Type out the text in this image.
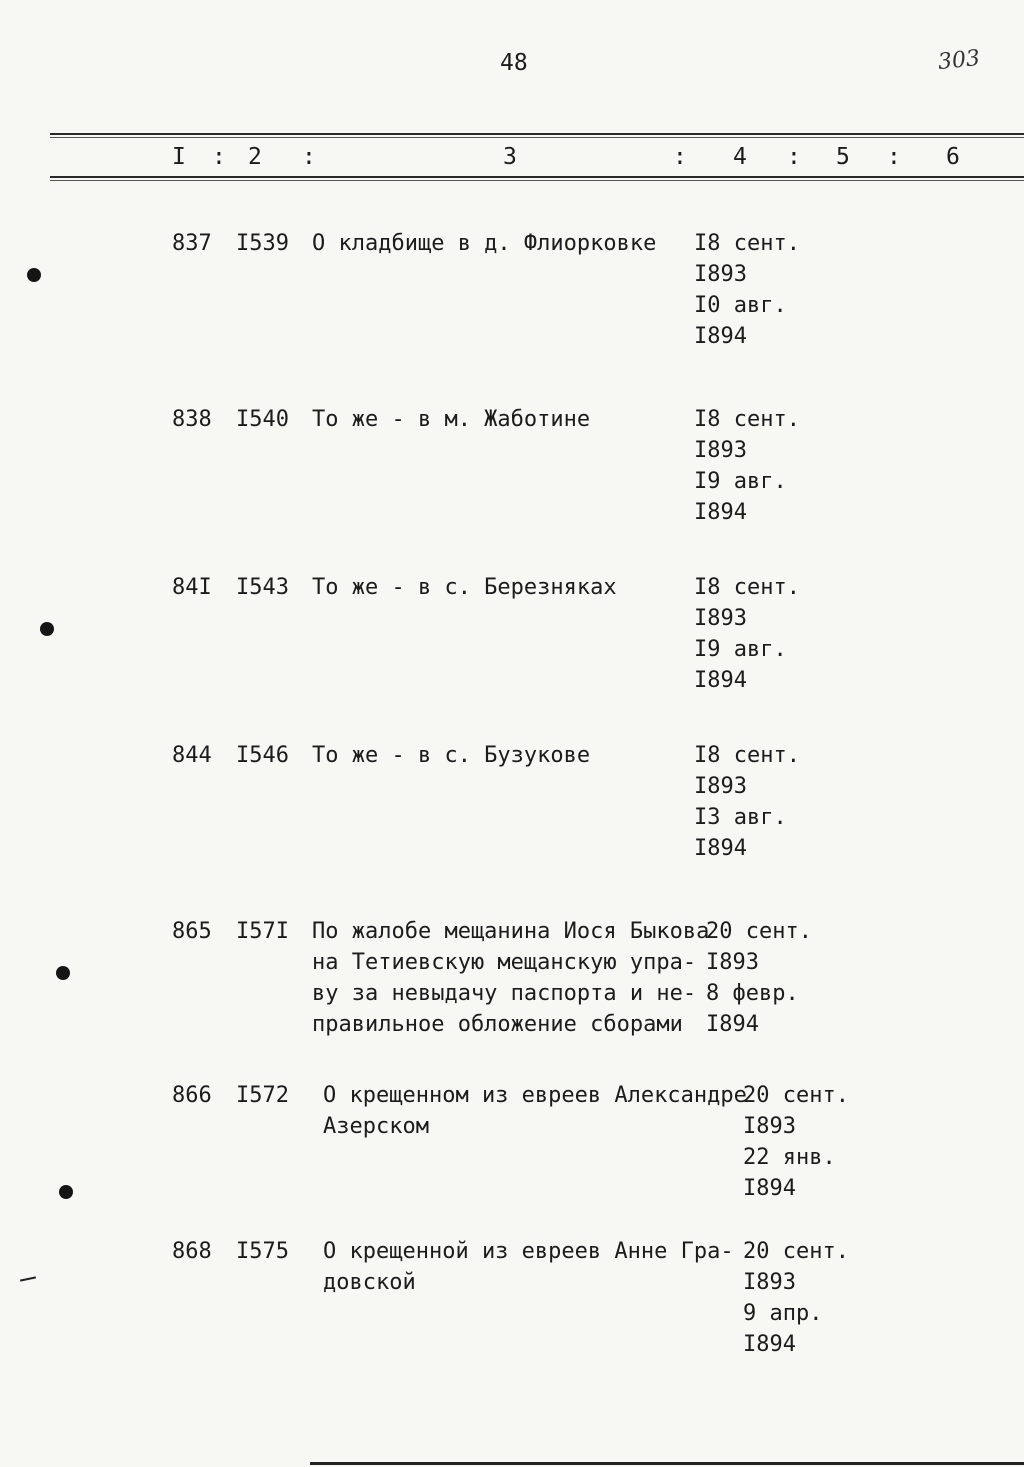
48	303
I : 2 :	3	: 4 : 5 : 6
837 I539 О кладбище в д. Флиорковке I8 сент.
I893
I0 авг.
I894
838 I540 То же - в м. Жаботине	I8 сент.
I893
I9 авг.
I894
84I I543 То же - в с. Березняках	I8 сент.
I893
I9 авг.
I894
844 I546 То же - в с. Бузукове	I8 сент.
I893
I3 авг.
I894
865 I57I По жалобе мещанина Иося Быкова
на Тетиевскую мещанскую упра-
ву за невыдачу паспорта и не-
правильное обложение сборами
20 сент.
I893
8 февр.
I894
866 I572 О крещенном из евреев Александре
Азерском
20 сент.
I893
22 янв.
I894
868 I575 О крещенной из евреев Анне Гра-
довской
20 сент.
I893
9 апр.
I894
